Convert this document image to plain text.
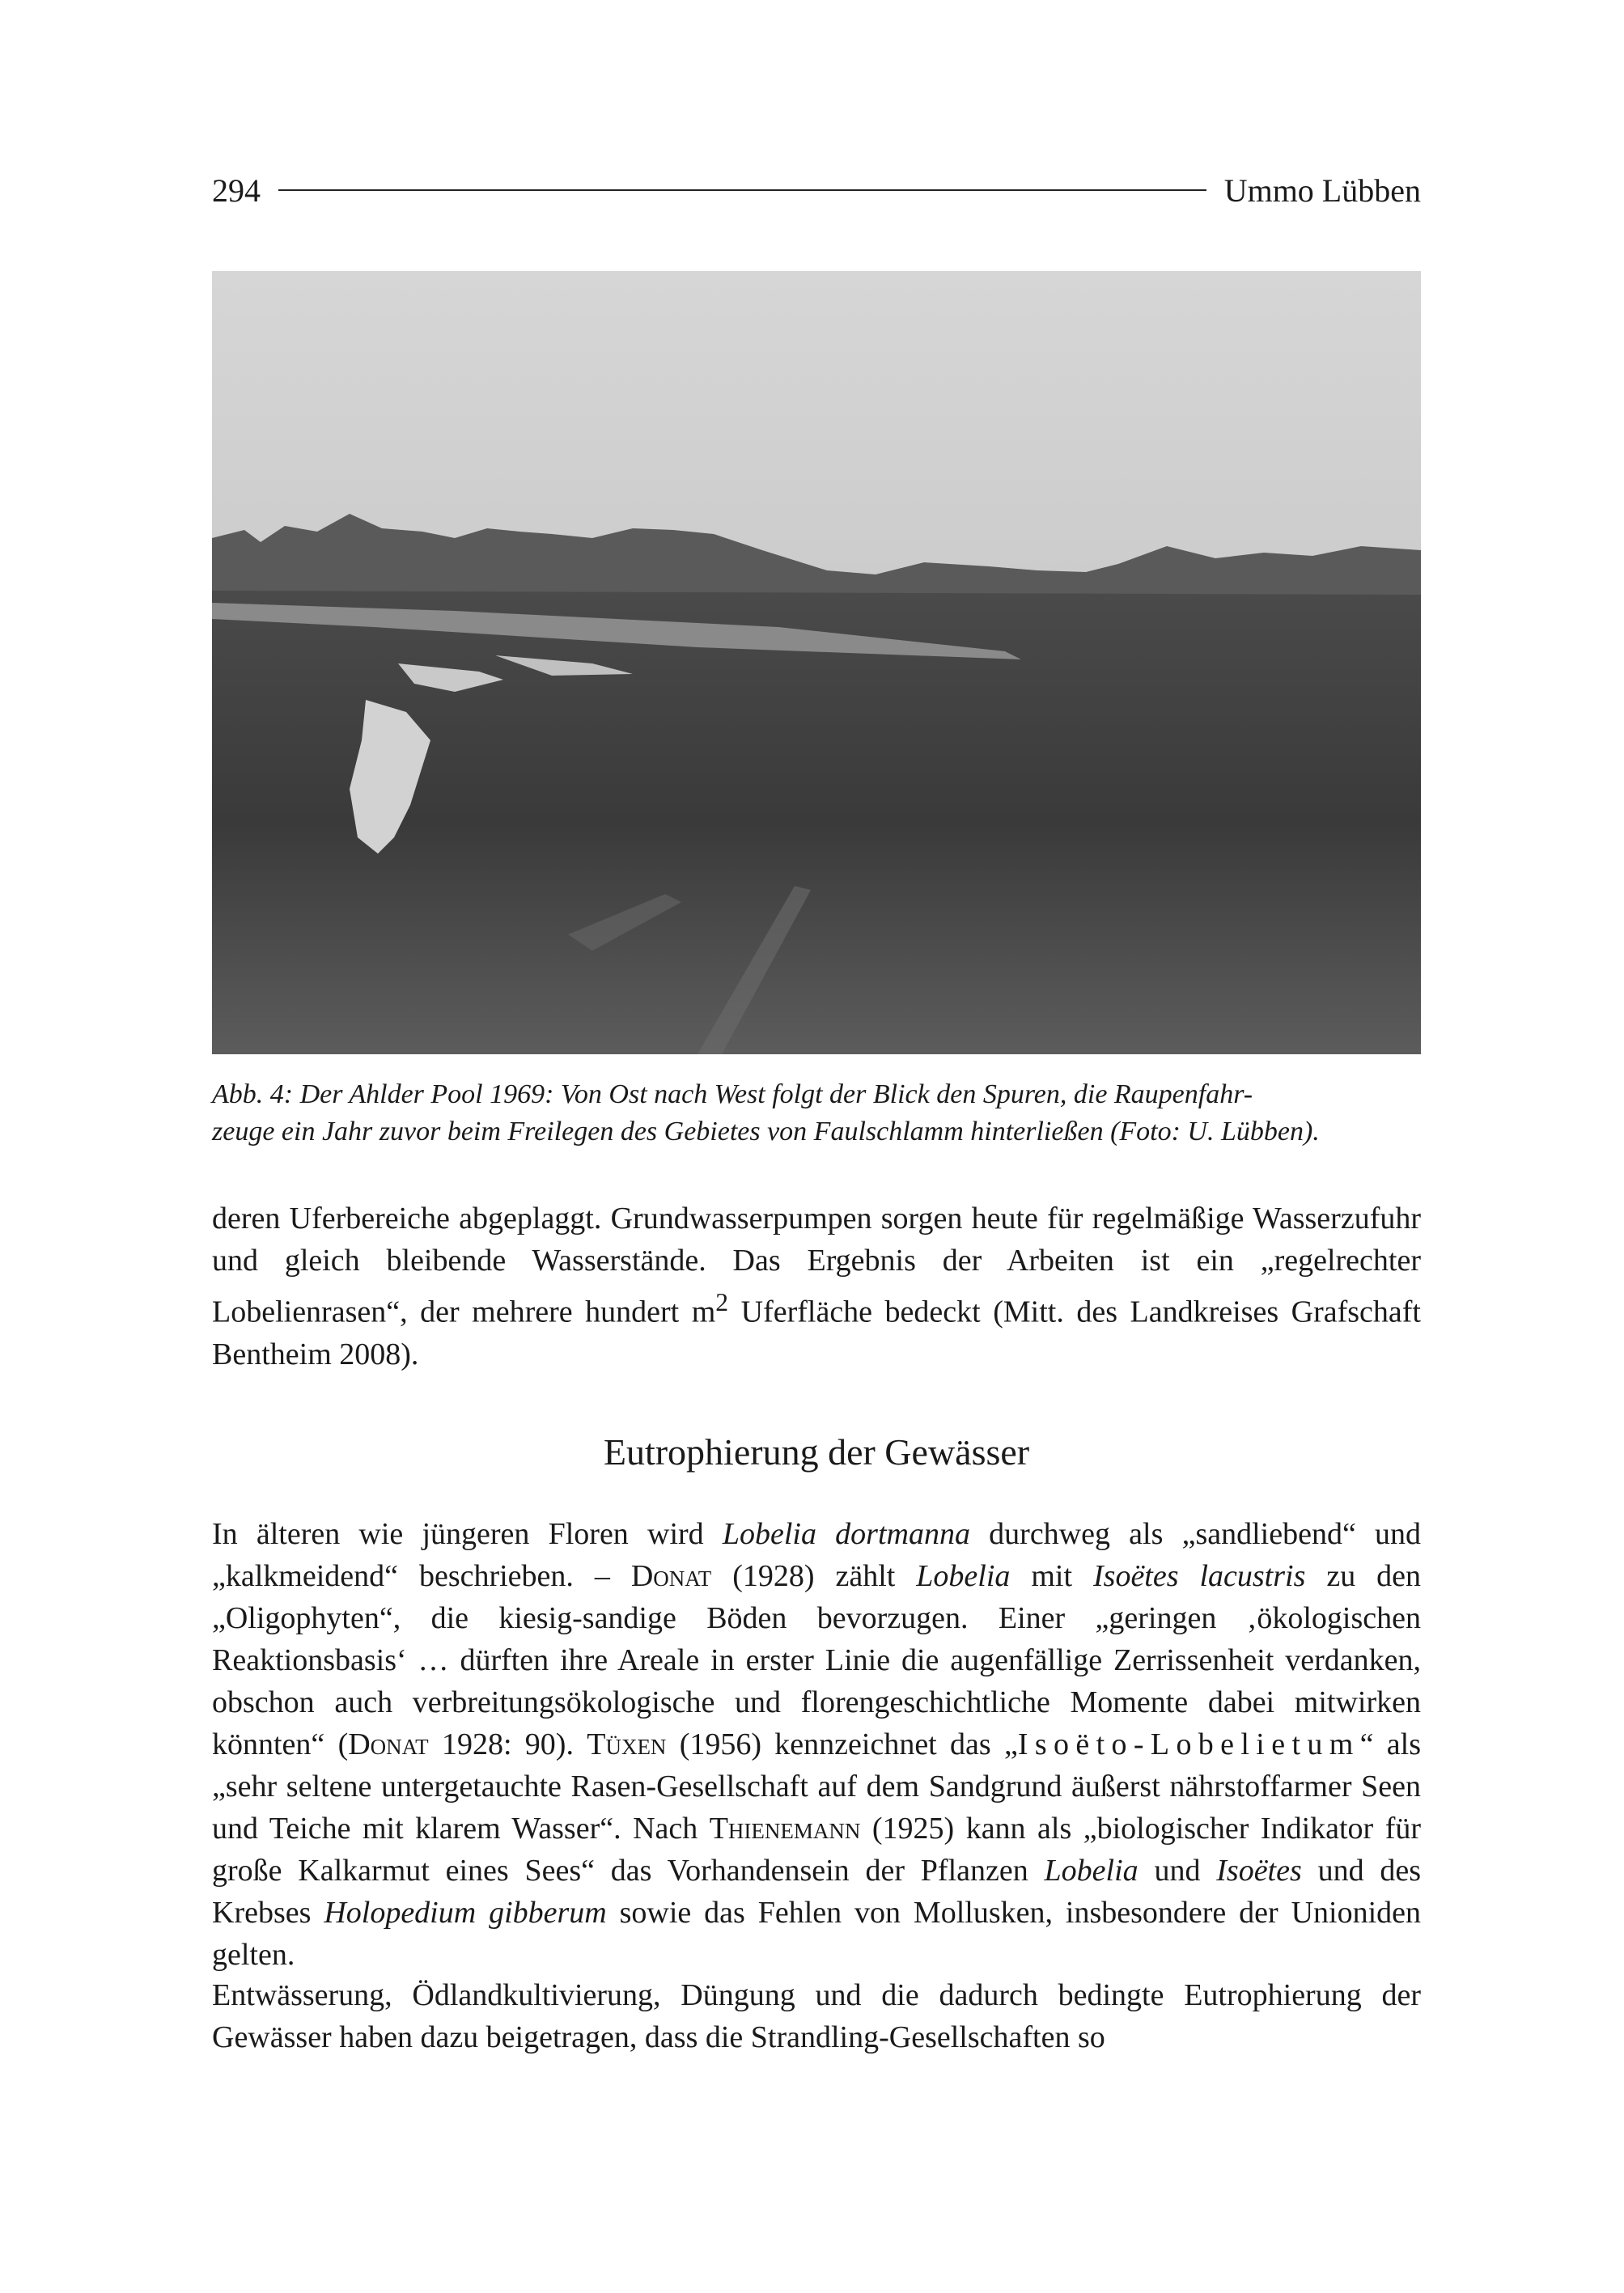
294	Ummo Lübben

Abb. 4: Der Ahlder Pool 1969: Von Ost nach West folgt der Blick den Spuren, die Raupenfahr-
zeuge ein Jahr zuvor beim Freilegen des Gebietes von Faulschlamm hinterließen (Foto: U. Lübben).

deren Uferbereiche abgeplaggt. Grundwasserpumpen sorgen heute für regelmäßige Wasserzufuhr und gleich bleibende Wasserstände. Das Ergebnis der Arbeiten ist ein „regelrechter Lobelienrasen“, der mehrere hundert $m^2$ Uferfläche bedeckt (Mitt. des Landkreises Grafschaft Bentheim 2008).

Eutrophierung der Gewässer

In älteren wie jüngeren Floren wird Lobelia dortmanna durchweg als „sandliebend“ und „kalkmeidend“ beschrieben. – Donat (1928) zählt Lobelia mit Isoëtes lacustris zu den „Oligophyten“, die kiesig-sandige Böden bevorzugen. Einer „geringen ‚ökologischen Reaktionsbasis‘ … dürften ihre Areale in erster Linie die augenfällige Zerrissenheit verdanken, obschon auch verbreitungsökologische und florengeschichtliche Momente dabei mitwirken könnten“ (Donat 1928: 90). Tüxen (1956) kennzeichnet das „Isoëto-Lobelietum“ als „sehr seltene untergetauchte Rasen-Gesellschaft auf dem Sandgrund äußerst nährstoffarmer Seen und Teiche mit klarem Wasser“. Nach Thienemann (1925) kann als „biologischer Indikator für große Kalkarmut eines Sees“ das Vorhandensein der Pflanzen Lobelia und Isoëtes und des Krebses Holopedium gibberum sowie das Fehlen von Mollusken, insbesondere der Unioniden gelten.

Entwässerung, Ödlandkultivierung, Düngung und die dadurch bedingte Eutrophierung der Gewässer haben dazu beigetragen, dass die Strandling-Gesellschaften so
